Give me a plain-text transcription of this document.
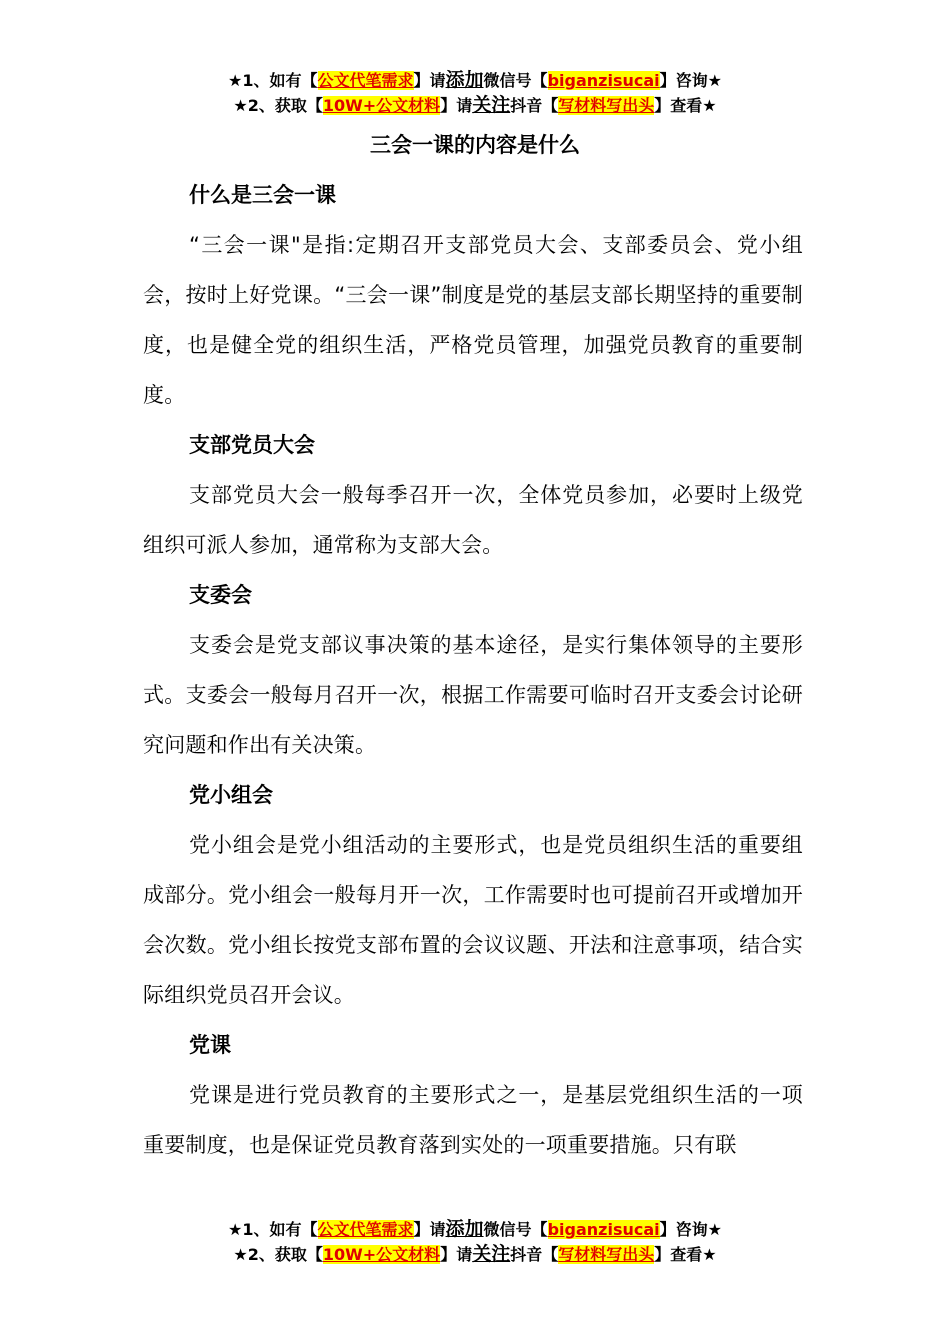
★1、如有【公文代笔需求】请添加微信号【biganzisucai】咨询★
★2、获取【10W+公文材料】请关注抖音【写材料写出头】查看★
三会一课的内容是什么

什么是三会一课

“三会一课"是指:定期召开支部党员大会、支部委员会、党小组会，按时上好党课。“三会一课”制度是党的基层支部长期坚持的重要制度，也是健全党的组织生活，严格党员管理，加强党员教育的重要制度。

支部党员大会

支部党员大会一般每季召开一次，全体党员参加，必要时上级党组织可派人参加，通常称为支部大会。

支委会

支委会是党支部议事决策的基本途径，是实行集体领导的主要形式。支委会一般每月召开一次，根据工作需要可临时召开支委会讨论研究问题和作出有关决策。

党小组会

党小组会是党小组活动的主要形式，也是党员组织生活的重要组成部分。党小组会一般每月开一次，工作需要时也可提前召开或增加开会次数。党小组长按党支部布置的会议议题、开法和注意事项，结合实际组织党员召开会议。

党课

党课是进行党员教育的主要形式之一，是基层党组织生活的一项重要制度，也是保证党员教育落到实处的一项重要措施。只有联

★1、如有【公文代笔需求】请添加微信号【biganzisucai】咨询★
★2、获取【10W+公文材料】请关注抖音【写材料写出头】查看★
